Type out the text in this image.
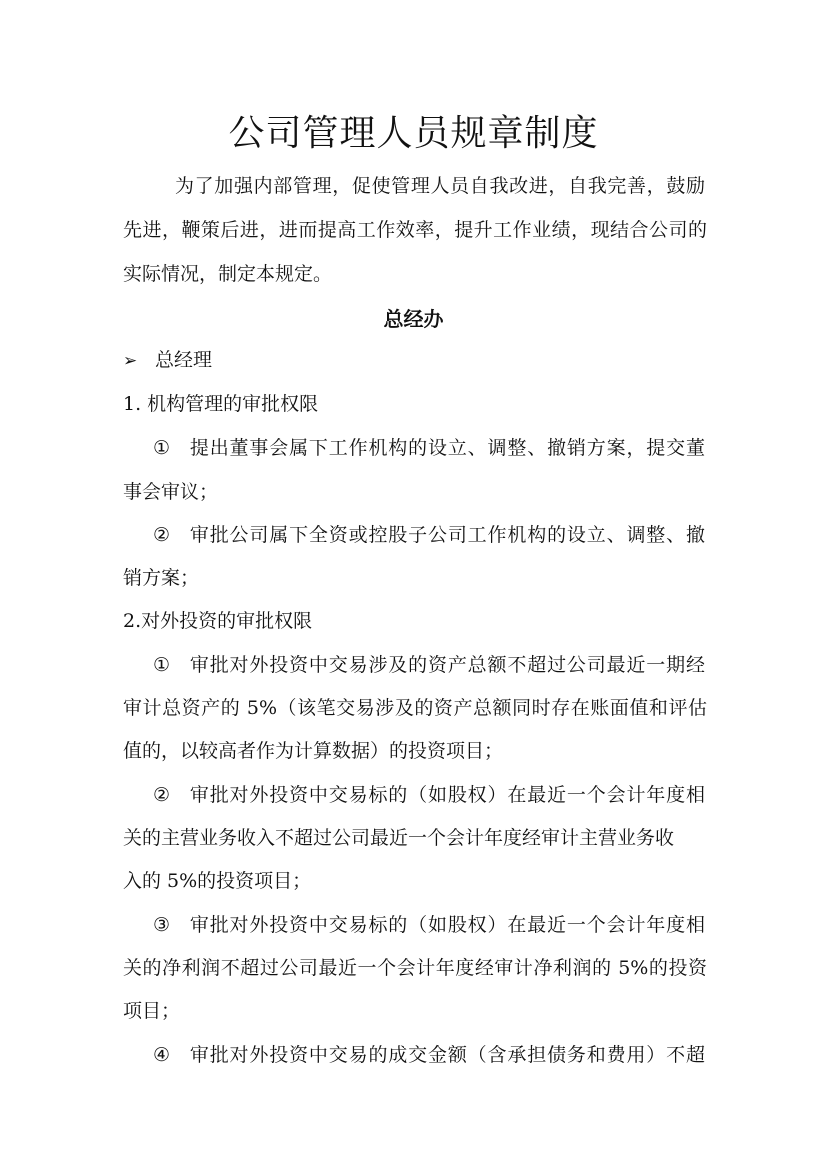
公司管理人员规章制度
为了加强内部管理，促使管理人员自我改进，自我完善，鼓励
先进，鞭策后进，进而提高工作效率，提升工作业绩，现结合公司的
实际情况，制定本规定。
总经办
➢ 总经理
1. 机构管理的审批权限
① 提出董事会属下工作机构的设立、调整、撤销方案，提交董
事会审议；
② 审批公司属下全资或控股子公司工作机构的设立、调整、撤
销方案；
2.对外投资的审批权限
① 审批对外投资中交易涉及的资产总额不超过公司最近一期经
审计总资产的 5%（该笔交易涉及的资产总额同时存在账面值和评估
值的，以较高者作为计算数据）的投资项目；
② 审批对外投资中交易标的（如股权）在最近一个会计年度相
关的主营业务收入不超过公司最近一个会计年度经审计主营业务收
入的 5%的投资项目；
③ 审批对外投资中交易标的（如股权）在最近一个会计年度相
关的净利润不超过公司最近一个会计年度经审计净利润的 5%的投资
项目；
④ 审批对外投资中交易的成交金额（含承担债务和费用）不超
